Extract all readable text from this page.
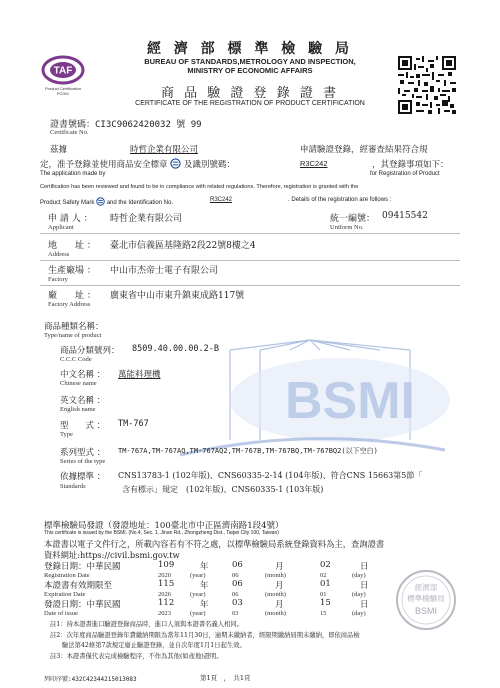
TAF
Product Certification
PC001
經 濟 部 標 準 檢 驗 局
BUREAU OF STANDARDS,METROLOGY AND INSPECTION,
MINISTRY OF ECONOMIC AFFAIRS
商 品 驗 證 登 錄 證 書
CERTIFICATE OF THE REGISTRATION OF PRODUCT CERTIFICATION
證書號碼：CI3C9062420032 號 99
Certificate No.
茲據	時哲企業有限公司	申請驗證登錄，經審查結果符合規
定，准予登錄並使用商品安全標章 及識別號碼：	R3C242	，其登錄事項如下：
The application made by	for Registration of Product
Certification has been reviewed and found to be in compliance with related regulations. Therefore, registration is granted with the
Product Safety Mark and the Identification No.	R3C242	. Details of the registration are follows :
申 請 人 ： 時哲企業有限公司
Applicant
統一編號： 09415542
Uniform No.
地　　址 ： 臺北市信義區基隆路2段22號8樓之4
Address
生產廠場 ： 中山市杰帝士電子有限公司
Factory
廠　　址 ： 廣東省中山市東升鎮東成路117號
Factory Address
BSMI
商品種類名稱：
Type/name of product
商品分類號列： 8509.40.00.00.2-B
C.C.C Code
中文名稱 ： 萬能料理機
Chinese name
英文名稱 ：
English name
型　　式 ： TM-767
Type
系列型式 ： TM-767A,TM-767AQ,TM-767AQ2,TM-767B,TM-767BQ,TM-767BQ2(以下空白)
Series of the type
依據標準 ： CNS13783-1 (102年版)、CNS60335-2-14 (104年版)、符合CNS 15663第5節「
Standards	含有標示」規定　(102年版)、CNS60335-1 (103年版)
標準檢驗局發證（發證地址：100臺北市中正區濟南路1段4號）
This certificate is issued by the BSMI. (No.4, Sec. 1, Jinan Rd., Zhongzheng Dist., Taipei City 100, Taiwan)
本證書以電子文件行之，所載內容若有不符之處，以標準檢驗局系統登錄資料為主，查詢證書
資料網址:https://civil.bsmi.gov.tw
登錄日期：中華民國	109	年	06	月	02	日
Registration Date	2020	(year)	06	(month)	02	(day)
本證書有效期限至	115	年	06	月	01	日
Expiration Date	2026	(year)	06	(month)	01	(day)
發證日期：中華民國	112	年	03	月	15	日
Date of issue	2023	(year)	03	(month)	15	(day)
經濟部
標準檢驗局
BSMI
註1：持本證書進口驗證登錄商品時，進口人須與本證書名義人相同。
註2：次年度商品驗證登錄年費繳納期限為當年11月30日，逾期未繳納者，經限期繳納屆期未繳納，即依商品檢
驗法第42條第7款規定廢止驗證登錄，並自次年度1月1日起生效。
註3：本證書僅代表完成檢驗程序，不作為其他(如產地)證明。
列印序號:432C42344215013083	第1頁　，　共1頁
